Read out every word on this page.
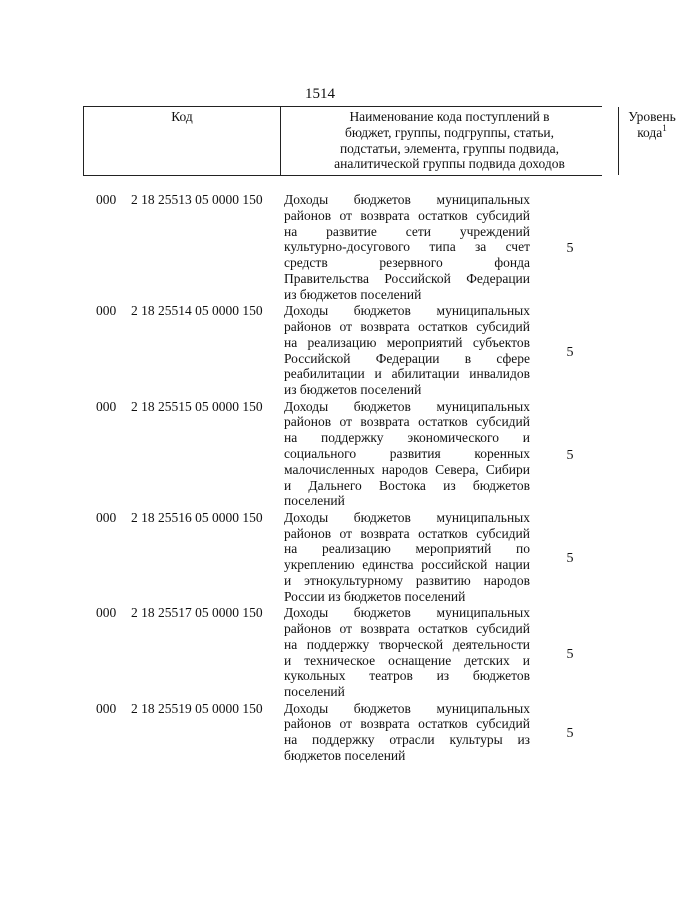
1514
Код	Наименование кода поступлений в
бюджет, группы, подгруппы, статьи,
подстатьи, элемента, группы подвида,
аналитической группы подвида доходов
Уровень
кода$^1$
000	2 18 25513 05 0000 150	Доходы бюджетов муниципальных
районов от возврата остатков субсидий
на развитие сети учреждений
культурно-досугового типа за счет
средств резервного фонда
Правительства Российской Федерации
из бюджетов поселений
5
000	2 18 25514 05 0000 150	Доходы бюджетов муниципальных
районов от возврата остатков субсидий
на реализацию мероприятий субъектов
Российской Федерации в сфере
реабилитации и абилитации инвалидов
из бюджетов поселений
5
000	2 18 25515 05 0000 150	Доходы бюджетов муниципальных
районов от возврата остатков субсидий
на поддержку экономического и
социального развития коренных
малочисленных народов Севера, Сибири
и Дальнего Востока из бюджетов
поселений
5
000	2 18 25516 05 0000 150	Доходы бюджетов муниципальных
районов от возврата остатков субсидий
на реализацию мероприятий по
укреплению единства российской нации
и этнокультурному развитию народов
России из бюджетов поселений
5
000	2 18 25517 05 0000 150	Доходы бюджетов муниципальных
районов от возврата остатков субсидий
на поддержку творческой деятельности
и техническое оснащение детских и
кукольных театров из бюджетов
поселений
5
000	2 18 25519 05 0000 150	Доходы бюджетов муниципальных
районов от возврата остатков субсидий
на поддержку отрасли культуры из
бюджетов поселений
5
